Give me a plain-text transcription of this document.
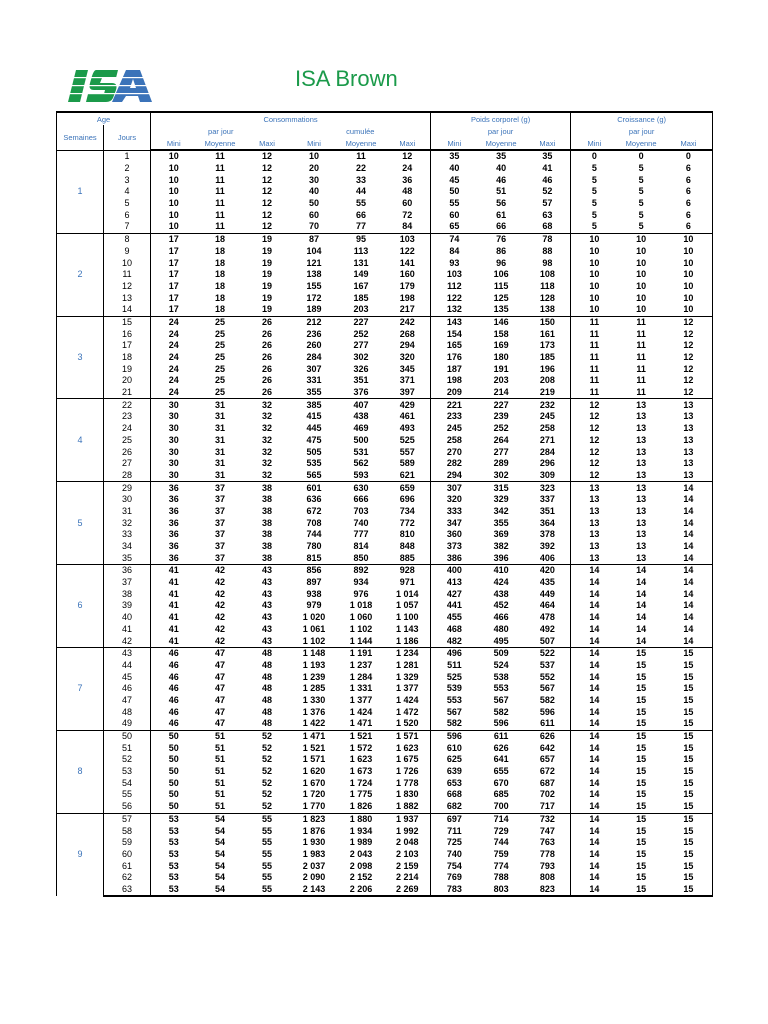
ISA Brown
Age		Consommations						Poids corporel (g)			Croissance (g)		
Semaines	Jours	par jour			cumulée			par jour			par jour		
		Mini	Moyenne	Maxi	Mini	Moyenne	Maxi	Mini	Moyenne	Maxi	Mini	Moyenne	Maxi
1	1	10	11	12	10	11	12	35	35	35	0	0	0
	2	10	11	12	20	22	24	40	40	41	5	5	6
	3	10	11	12	30	33	36	45	46	46	5	5	6
	4	10	11	12	40	44	48	50	51	52	5	5	6
	5	10	11	12	50	55	60	55	56	57	5	5	6
	6	10	11	12	60	66	72	60	61	63	5	5	6
	7	10	11	12	70	77	84	65	66	68	5	5	6
2	8	17	18	19	87	95	103	74	76	78	10	10	10
	9	17	18	19	104	113	122	84	86	88	10	10	10
	10	17	18	19	121	131	141	93	96	98	10	10	10
	11	17	18	19	138	149	160	103	106	108	10	10	10
	12	17	18	19	155	167	179	112	115	118	10	10	10
	13	17	18	19	172	185	198	122	125	128	10	10	10
	14	17	18	19	189	203	217	132	135	138	10	10	10
3	15	24	25	26	212	227	242	143	146	150	11	11	12
	16	24	25	26	236	252	268	154	158	161	11	11	12
	17	24	25	26	260	277	294	165	169	173	11	11	12
	18	24	25	26	284	302	320	176	180	185	11	11	12
	19	24	25	26	307	326	345	187	191	196	11	11	12
	20	24	25	26	331	351	371	198	203	208	11	11	12
	21	24	25	26	355	376	397	209	214	219	11	11	12
4	22	30	31	32	385	407	429	221	227	232	12	13	13
	23	30	31	32	415	438	461	233	239	245	12	13	13
	24	30	31	32	445	469	493	245	252	258	12	13	13
	25	30	31	32	475	500	525	258	264	271	12	13	13
	26	30	31	32	505	531	557	270	277	284	12	13	13
	27	30	31	32	535	562	589	282	289	296	12	13	13
	28	30	31	32	565	593	621	294	302	309	12	13	13
5	29	36	37	38	601	630	659	307	315	323	13	13	14
	30	36	37	38	636	666	696	320	329	337	13	13	14
	31	36	37	38	672	703	734	333	342	351	13	13	14
	32	36	37	38	708	740	772	347	355	364	13	13	14
	33	36	37	38	744	777	810	360	369	378	13	13	14
	34	36	37	38	780	814	848	373	382	392	13	13	14
	35	36	37	38	815	850	885	386	396	406	13	13	14
6	36	41	42	43	856	892	928	400	410	420	14	14	14
	37	41	42	43	897	934	971	413	424	435	14	14	14
	38	41	42	43	938	976	1 014	427	438	449	14	14	14
	39	41	42	43	979	1 018	1 057	441	452	464	14	14	14
	40	41	42	43	1 020	1 060	1 100	455	466	478	14	14	14
	41	41	42	43	1 061	1 102	1 143	468	480	492	14	14	14
	42	41	42	43	1 102	1 144	1 186	482	495	507	14	14	14
7	43	46	47	48	1 148	1 191	1 234	496	509	522	14	15	15
	44	46	47	48	1 193	1 237	1 281	511	524	537	14	15	15
	45	46	47	48	1 239	1 284	1 329	525	538	552	14	15	15
	46	46	47	48	1 285	1 331	1 377	539	553	567	14	15	15
	47	46	47	48	1 330	1 377	1 424	553	567	582	14	15	15
	48	46	47	48	1 376	1 424	1 472	567	582	596	14	15	15
	49	46	47	48	1 422	1 471	1 520	582	596	611	14	15	15
8	50	50	51	52	1 471	1 521	1 571	596	611	626	14	15	15
	51	50	51	52	1 521	1 572	1 623	610	626	642	14	15	15
	52	50	51	52	1 571	1 623	1 675	625	641	657	14	15	15
	53	50	51	52	1 620	1 673	1 726	639	655	672	14	15	15
	54	50	51	52	1 670	1 724	1 778	653	670	687	14	15	15
	55	50	51	52	1 720	1 775	1 830	668	685	702	14	15	15
	56	50	51	52	1 770	1 826	1 882	682	700	717	14	15	15
9	57	53	54	55	1 823	1 880	1 937	697	714	732	14	15	15
	58	53	54	55	1 876	1 934	1 992	711	729	747	14	15	15
	59	53	54	55	1 930	1 989	2 048	725	744	763	14	15	15
	60	53	54	55	1 983	2 043	2 103	740	759	778	14	15	15
	61	53	54	55	2 037	2 098	2 159	754	774	793	14	15	15
	62	53	54	55	2 090	2 152	2 214	769	788	808	14	15	15
	63	53	54	55	2 143	2 206	2 269	783	803	823	14	15	15
